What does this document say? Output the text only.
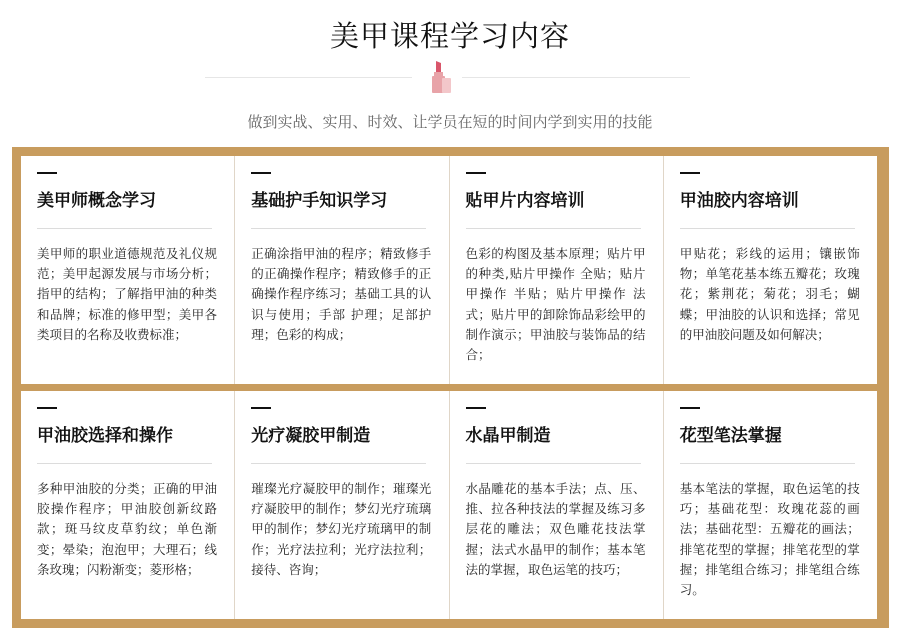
美甲课程学习内容
做到实战、实用、时效、让学员在短的时间内学到实用的技能
美甲师概念学习
美甲师的职业道德规范及礼仪规范；美甲起源发展与市场分析；指甲的结构；了解指甲油的种类和品牌；标准的修甲型；美甲各类项目的名称及收费标准；
基础护手知识学习
正确涂指甲油的程序；精致修手的正确操作程序；精致修手的正确操作程序练习；基础工具的认识与使用；手部 护理；足部护理；色彩的构成；
贴甲片内容培训
色彩的构图及基本原理；贴片甲的种类,贴片甲操作 全贴；贴片甲操作 半贴；贴片甲操作 法式；贴片甲的卸除饰品彩绘甲的制作演示；甲油胶与装饰品的结合；
甲油胶内容培训
甲贴花；彩线的运用；镶嵌饰物；单笔花基本练五瓣花；玫瑰花；紫荆花；菊花；羽毛；蝴蝶；甲油胶的认识和选择；常见的甲油胶问题及如何解决；
甲油胶选择和操作
多种甲油胶的分类；正确的甲油胶操作程序；甲油胶创新纹路款；斑马纹皮草豹纹；单色渐变；晕染；泡泡甲；大理石；线条玫瑰；闪粉渐变；菱形格；
光疗凝胶甲制造
璀璨光疗凝胶甲的制作；璀璨光疗凝胶甲的制作；梦幻光疗琉璃甲的制作；梦幻光疗琉璃甲的制作；光疗法拉利；光疗法拉利；接待、咨询；
水晶甲制造
水晶雕花的基本手法；点、压、推、拉各种技法的掌握及练习多层花的雕法；双色雕花技法掌握；法式水晶甲的制作；基本笔法的掌握，取色运笔的技巧；
花型笔法掌握
基本笔法的掌握，取色运笔的技巧；基础花型：玫瑰花蕊的画法；基础花型：五瓣花的画法；排笔花型的掌握；排笔花型的掌握；排笔组合练习；排笔组合练习。
